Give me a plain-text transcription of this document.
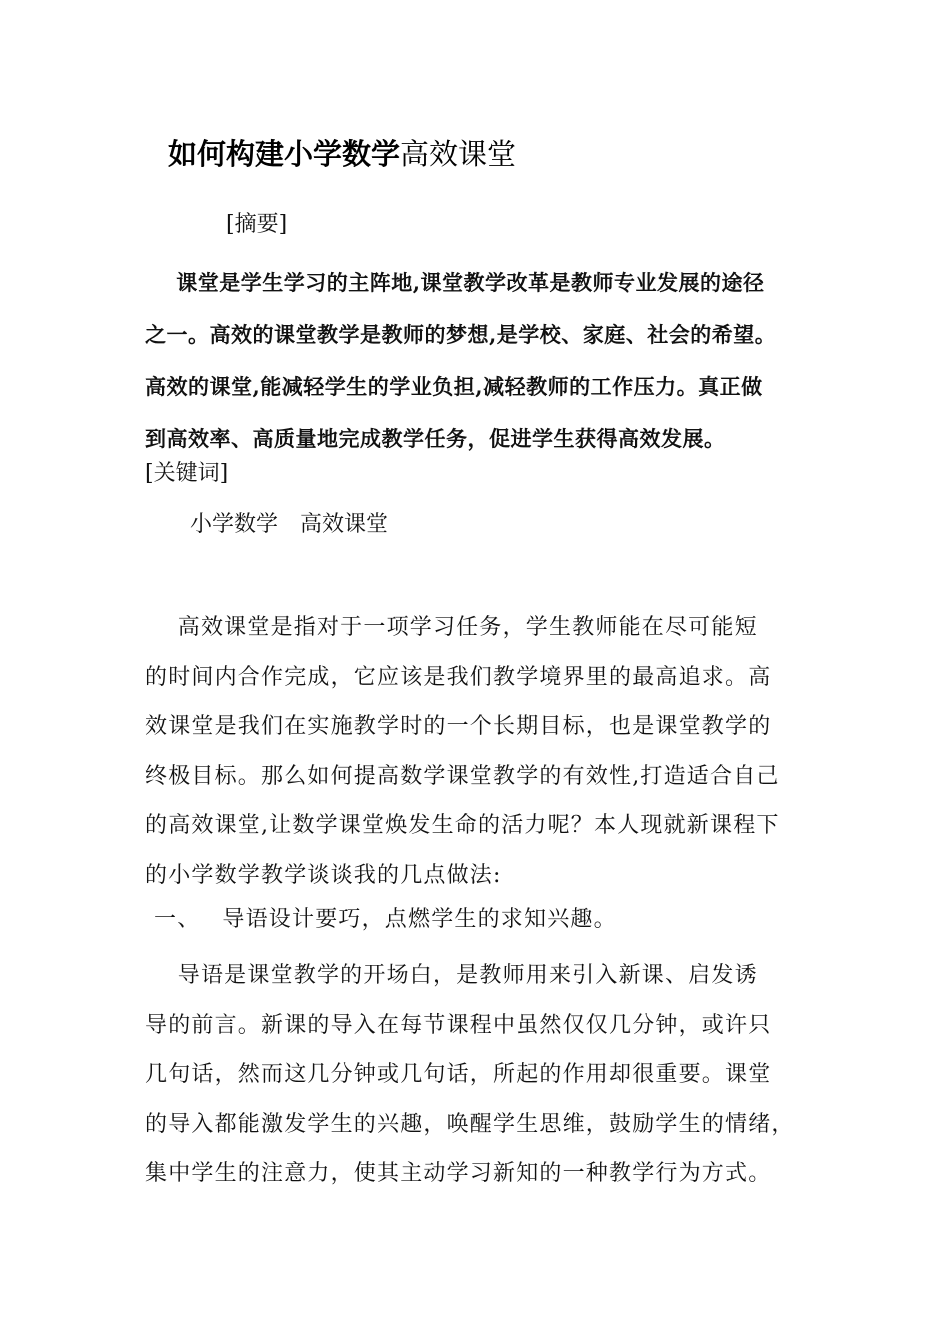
如何构建小学数学高效课堂
[摘要]
课堂是学生学习的主阵地,课堂教学改革是教师专业发展的途径
之一。高效的课堂教学是教师的梦想,是学校、家庭、社会的希望。
高效的课堂,能减轻学生的学业负担,减轻教师的工作压力。真正做
到高效率、高质量地完成教学任务，促进学生获得高效发展。
[关键词]
小学数学 高效课堂
高效课堂是指对于一项学习任务，学生教师能在尽可能短
的时间内合作完成，它应该是我们教学境界里的最高追求。高
效课堂是我们在实施教学时的一个长期目标，也是课堂教学的
终极目标。那么如何提高数学课堂教学的有效性,打造适合自己
的高效课堂,让数学课堂焕发生命的活力呢？本人现就新课程下
的小学数学教学谈谈我的几点做法:
一、 导语设计要巧，点燃学生的求知兴趣。
导语是课堂教学的开场白，是教师用来引入新课、启发诱
导的前言。新课的导入在每节课程中虽然仅仅几分钟，或许只
几句话，然而这几分钟或几句话，所起的作用却很重要。课堂
的导入都能激发学生的兴趣，唤醒学生思维，鼓励学生的情绪，
集中学生的注意力，使其主动学习新知的一种教学行为方式。
